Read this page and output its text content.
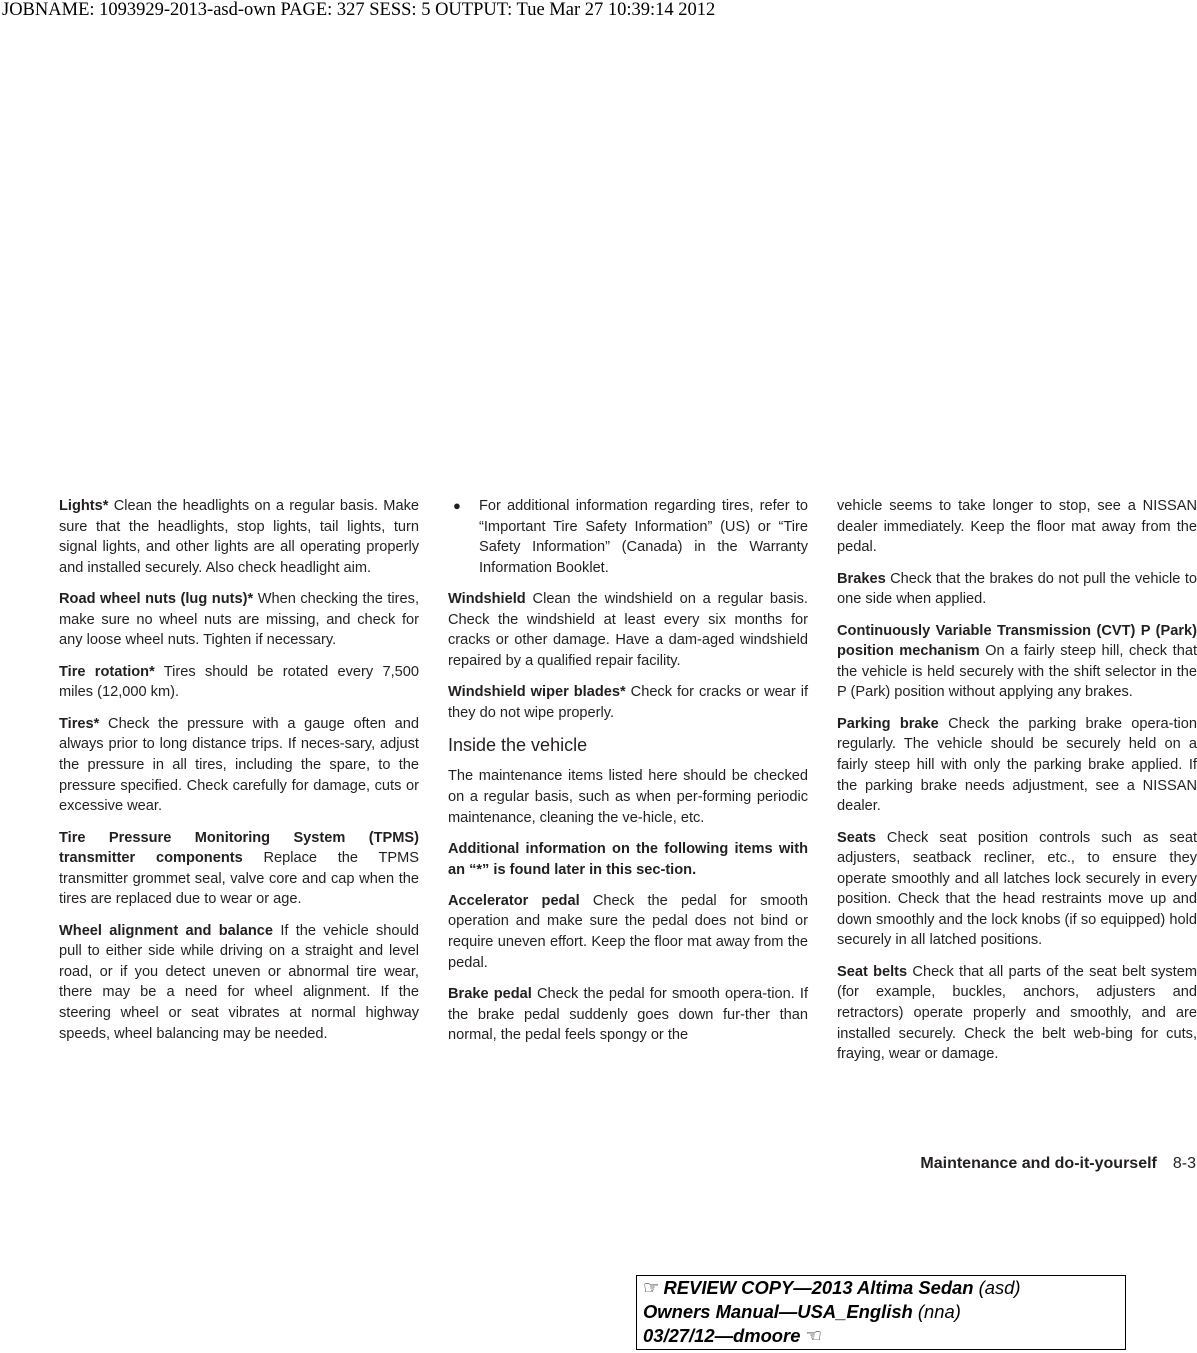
JOBNAME: 1093929-2013-asd-own PAGE: 327 SESS: 5 OUTPUT: Tue Mar 27 10:39:14 2012

Lights* Clean the headlights on a regular basis. Make sure that the headlights, stop lights, tail lights, turn signal lights, and other lights are all operating properly and installed securely. Also check headlight aim.

Road wheel nuts (lug nuts)* When checking the tires, make sure no wheel nuts are missing, and check for any loose wheel nuts. Tighten if necessary.

Tire rotation* Tires should be rotated every 7,500 miles (12,000 km).

Tires* Check the pressure with a gauge often and always prior to long distance trips. If neces-sary, adjust the pressure in all tires, including the spare, to the pressure specified. Check carefully for damage, cuts or excessive wear.

Tire Pressure Monitoring System (TPMS) transmitter components Replace the TPMS transmitter grommet seal, valve core and cap when the tires are replaced due to wear or age.

Wheel alignment and balance If the vehicle should pull to either side while driving on a straight and level road, or if you detect uneven or abnormal tire wear, there may be a need for wheel alignment. If the steering wheel or seat vibrates at normal highway speeds, wheel balancing may be needed.

● For additional information regarding tires, refer to “Important Tire Safety Information” (US) or “Tire Safety Information” (Canada) in the Warranty Information Booklet.

Windshield Clean the windshield on a regular basis. Check the windshield at least every six months for cracks or other damage. Have a dam-aged windshield repaired by a qualified repair facility.

Windshield wiper blades* Check for cracks or wear if they do not wipe properly.

Inside the vehicle

The maintenance items listed here should be checked on a regular basis, such as when per-forming periodic maintenance, cleaning the ve-hicle, etc.

Additional information on the following items with an “*” is found later in this sec-tion.

Accelerator pedal Check the pedal for smooth operation and make sure the pedal does not bind or require uneven effort. Keep the floor mat away from the pedal.

Brake pedal Check the pedal for smooth opera-tion. If the brake pedal suddenly goes down fur-ther than normal, the pedal feels spongy or the

vehicle seems to take longer to stop, see a NISSAN dealer immediately. Keep the floor mat away from the pedal.

Brakes Check that the brakes do not pull the vehicle to one side when applied.

Continuously Variable Transmission (CVT) P (Park) position mechanism On a fairly steep hill, check that the vehicle is held securely with the shift selector in the P (Park) position without applying any brakes.

Parking brake Check the parking brake opera-tion regularly. The vehicle should be securely held on a fairly steep hill with only the parking brake applied. If the parking brake needs adjustment, see a NISSAN dealer.

Seats Check seat position controls such as seat adjusters, seatback recliner, etc., to ensure they operate smoothly and all latches lock securely in every position. Check that the head restraints move up and down smoothly and the lock knobs (if so equipped) hold securely in all latched positions.

Seat belts Check that all parts of the seat belt system (for example, buckles, anchors, adjusters and retractors) operate properly and smoothly, and are installed securely. Check the belt web-bing for cuts, fraying, wear or damage.

Maintenance and do-it-yourself 8-3
☞ REVIEW COPY—2013 Altima Sedan (asd)
Owners Manual—USA_English (nna)
03/27/12—dmoore ☜
